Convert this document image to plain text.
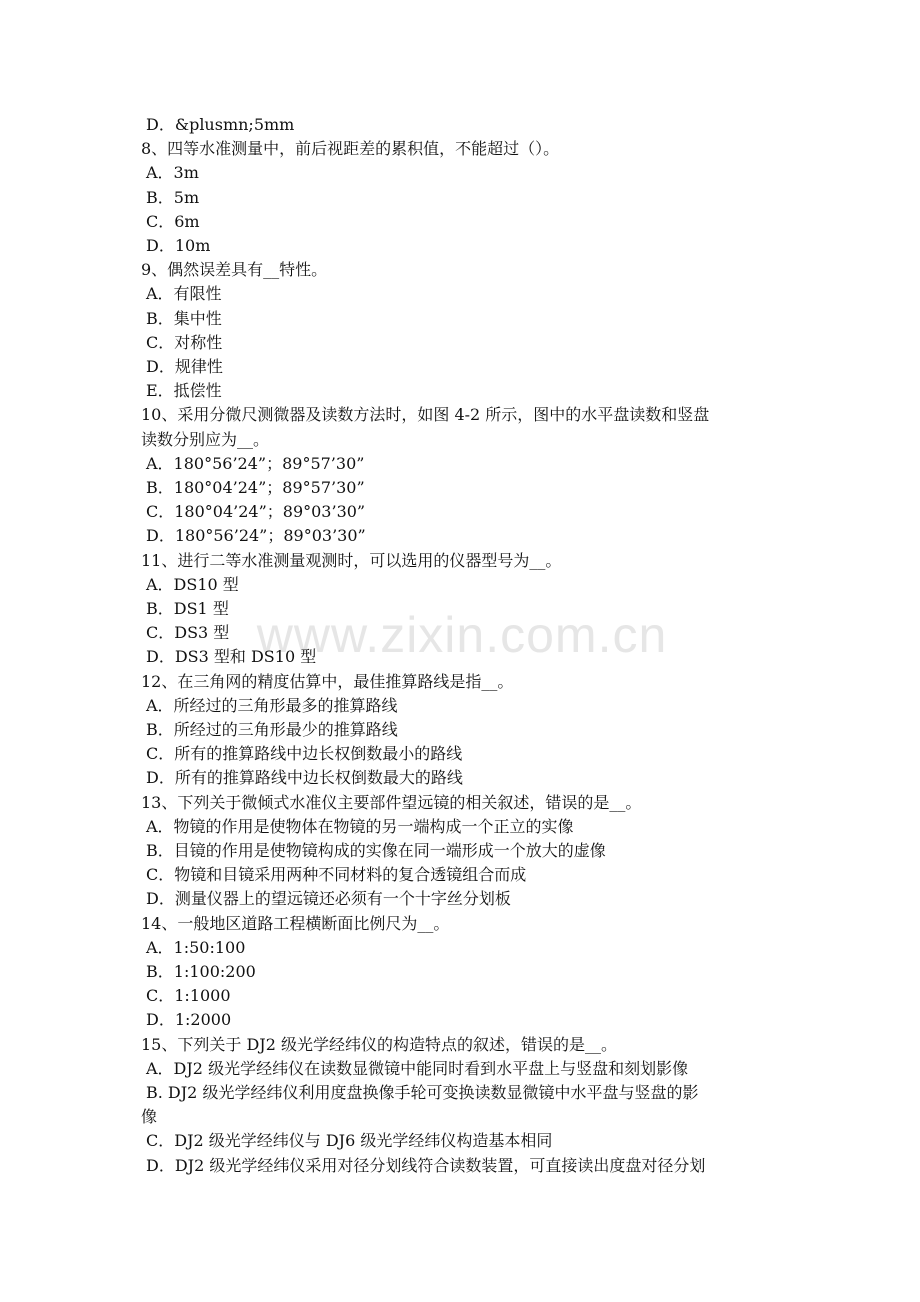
www.zixin.com.cn
D．&plusmn;5mm
8、四等水准测量中，前后视距差的累积值，不能超过（）。
A．3m
B．5m
C．6m
D．10m
9、偶然误差具有__特性。
A．有限性
B．集中性
C．对称性
D．规律性
E．抵偿性
10、采用分微尺测微器及读数方法时，如图 4-2 所示，图中的水平盘读数和竖盘
读数分别应为__。
A．180°56’24”；89°57’30”
B．180°04’24”；89°57’30”
C．180°04’24”；89°03’30”
D．180°56’24”；89°03’30”
11、进行二等水准测量观测时，可以选用的仪器型号为__。
A．DS10 型
B．DS1 型
C．DS3 型
D．DS3 型和 DS10 型
12、在三角网的精度估算中，最佳推算路线是指__。
A．所经过的三角形最多的推算路线
B．所经过的三角形最少的推算路线
C．所有的推算路线中边长权倒数最小的路线
D．所有的推算路线中边长权倒数最大的路线
13、下列关于微倾式水准仪主要部件望远镜的相关叙述，错误的是__。
A．物镜的作用是使物体在物镜的另一端构成一个正立的实像
B．目镜的作用是使物镜构成的实像在同一端形成一个放大的虚像
C．物镜和目镜采用两种不同材料的复合透镜组合而成
D．测量仪器上的望远镜还必须有一个十字丝分划板
14、一般地区道路工程横断面比例尺为__。
A．1:50:100
B．1:100:200
C．1:1000
D．1:2000
15、下列关于 DJ2 级光学经纬仪的构造特点的叙述，错误的是__。
A．DJ2 级光学经纬仪在读数显微镜中能同时看到水平盘上与竖盘和刻划影像
B. DJ2 级光学经纬仪利用度盘换像手轮可变换读数显微镜中水平盘与竖盘的影
像
C．DJ2 级光学经纬仪与 DJ6 级光学经纬仪构造基本相同
D．DJ2 级光学经纬仪采用对径分划线符合读数装置，可直接读出度盘对径分划
